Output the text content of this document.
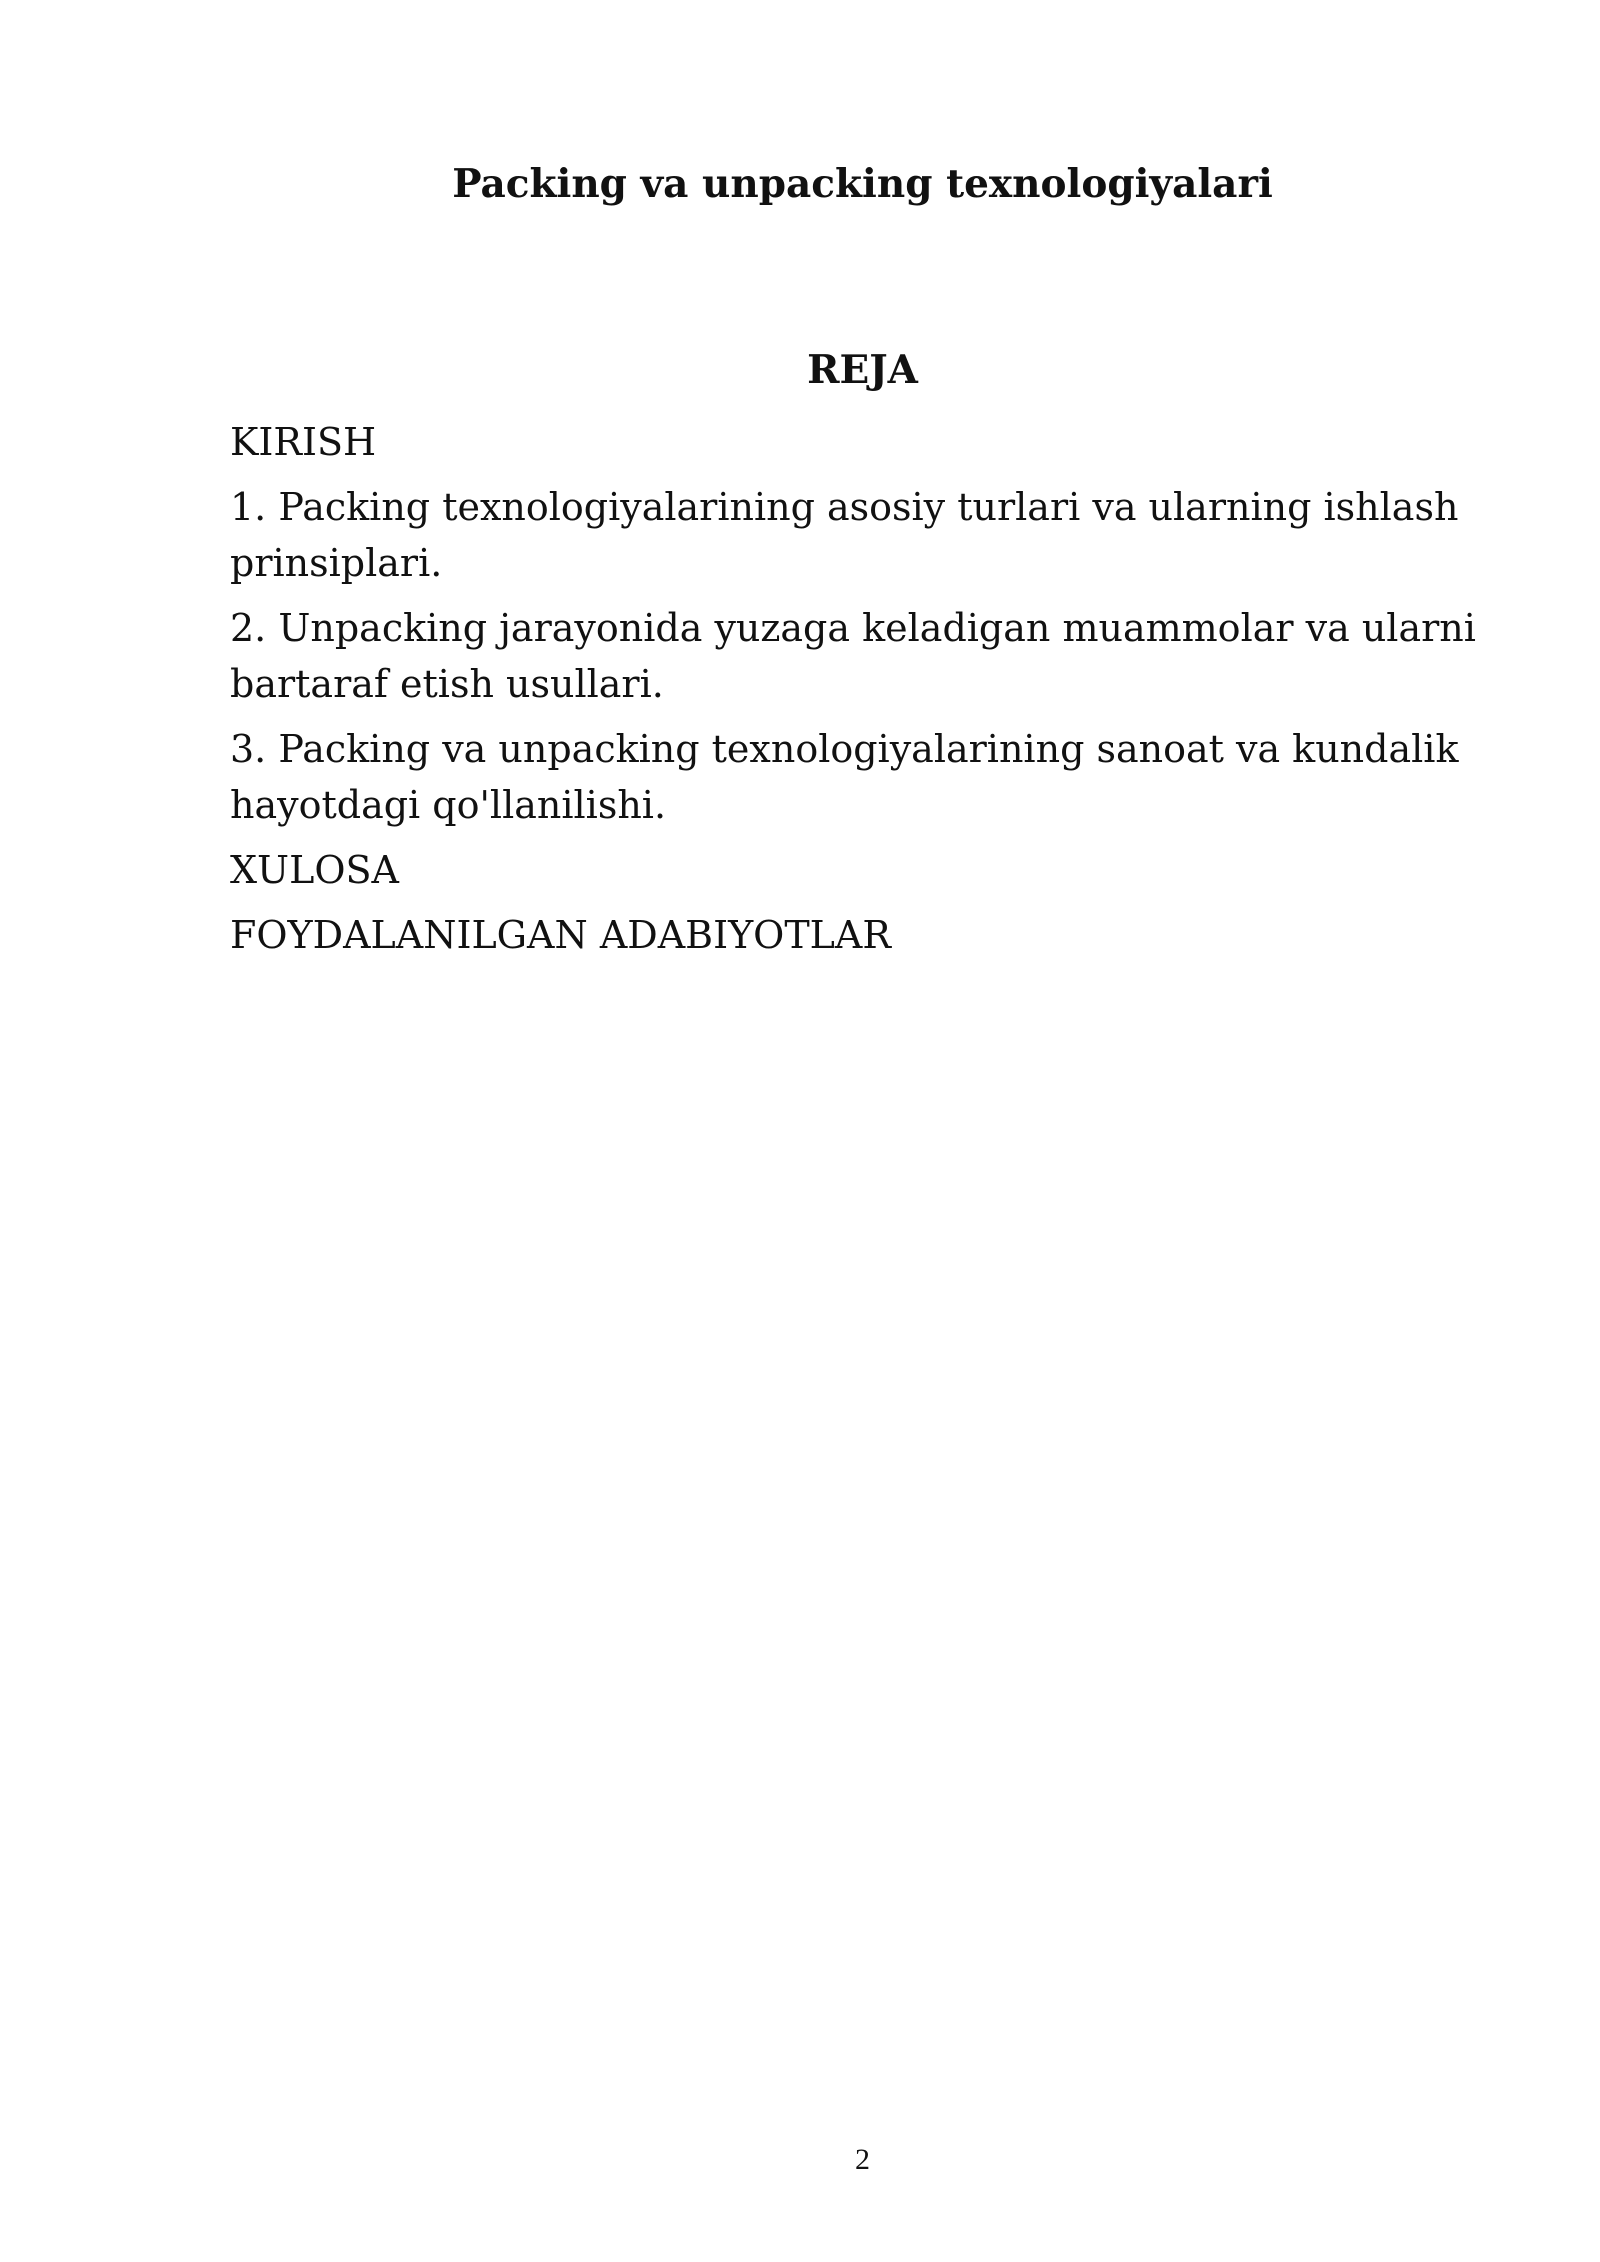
Packing va unpacking texnologiyalari
REJA
KIRISH
1. Packing texnologiyalarining asosiy turlari va ularning ishlash prinsiplari.
2. Unpacking jarayonida yuzaga keladigan muammolar va ularni bartaraf etish usullari.
3. Packing va unpacking texnologiyalarining sanoat va kundalik hayotdagi qo'llanilishi.
XULOSA
FOYDALANILGAN ADABIYOTLAR
2
